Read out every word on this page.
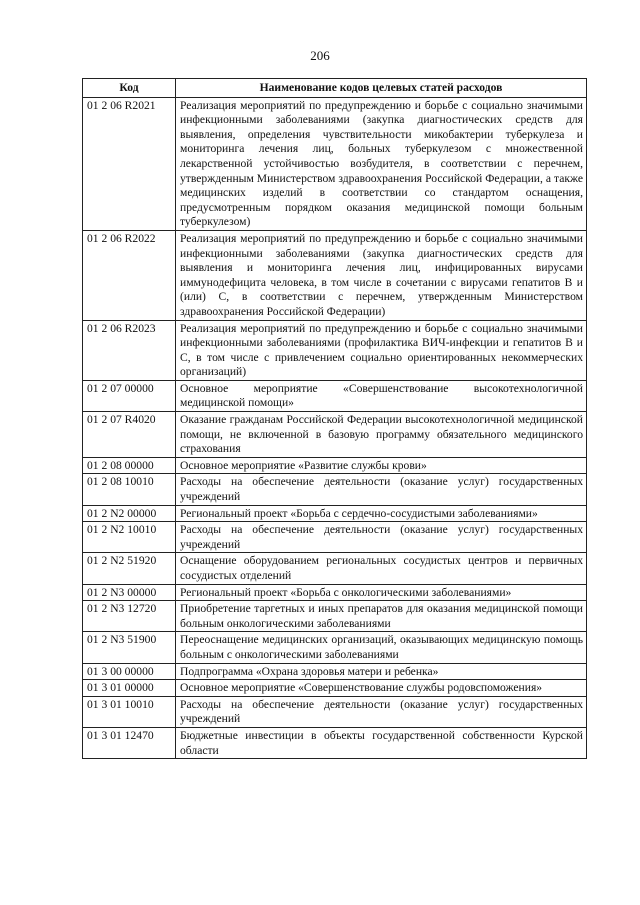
206
Код	Наименование кодов целевых статей расходов
01 2 06 R2021	Реализация мероприятий по предупреждению и борьбе с социально значимыми инфекционными заболеваниями (закупка диагностических средств для выявления, определения чувствительности микобактерии туберкулеза и мониторинга лечения лиц, больных туберкулезом с множественной лекарственной устойчивостью возбудителя, в соответствии с перечнем, утвержденным Министерством здравоохранения Российской Федерации, а также медицинских изделий в соответствии со стандартом оснащения, предусмотренным порядком оказания медицинской помощи больным туберкулезом)
01 2 06 R2022	Реализация мероприятий по предупреждению и борьбе с социально значимыми инфекционными заболеваниями (закупка диагностических средств для выявления и мониторинга лечения лиц, инфицированных вирусами иммунодефицита человека, в том числе в сочетании с вирусами гепатитов В и (или) С, в соответствии с перечнем, утвержденным Министерством здравоохранения Российской Федерации)
01 2 06 R2023	Реализация мероприятий по предупреждению и борьбе с социально значимыми инфекционными заболеваниями (профилактика ВИЧ-инфекции и гепатитов В и С, в том числе с привлечением социально ориентированных некоммерческих организаций)
01 2 07 00000	Основное мероприятие «Совершенствование высокотехнологичной медицинской помощи»
01 2 07 R4020	Оказание гражданам Российской Федерации высокотехнологичной медицинской помощи, не включенной в базовую программу обязательного медицинского страхования
01 2 08 00000	Основное мероприятие «Развитие службы крови»
01 2 08 10010	Расходы на обеспечение деятельности (оказание услуг) государственных учреждений
01 2 N2 00000	Региональный проект «Борьба с сердечно-сосудистыми заболеваниями»
01 2 N2 10010	Расходы на обеспечение деятельности (оказание услуг) государственных учреждений
01 2 N2 51920	Оснащение оборудованием региональных сосудистых центров и первичных сосудистых отделений
01 2 N3 00000	Региональный проект «Борьба с онкологическими заболеваниями»
01 2 N3 12720	Приобретение таргетных и иных препаратов для оказания медицинской помощи больным онкологическими заболеваниями
01 2 N3 51900	Переоснащение медицинских организаций, оказывающих медицинскую помощь больным с онкологическими заболеваниями
01 3 00 00000	Подпрограмма «Охрана здоровья матери и ребенка»
01 3 01 00000	Основное мероприятие «Совершенствование службы родовспоможения»
01 3 01 10010	Расходы на обеспечение деятельности (оказание услуг) государственных учреждений
01 3 01 12470	Бюджетные инвестиции в объекты государственной собственности Курской области
